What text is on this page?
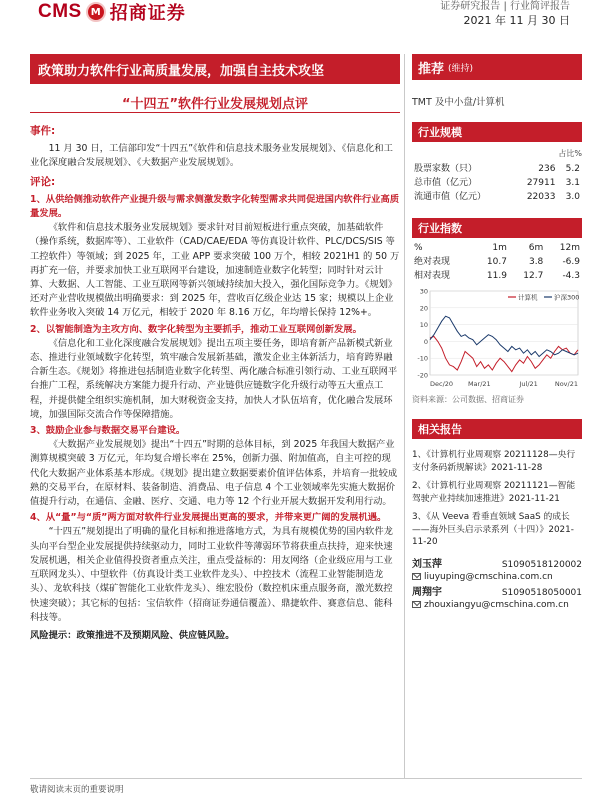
CMS M 招商证券	证券研究报告 | 行业简评报告
2021 年 11 月 30 日
政策助力软件行业高质量发展，加强自主技术攻坚
“十四五”软件行业发展规划点评
事件:
11 月 30 日，工信部印发“十四五”《软件和信息技术服务业发展规划》、《信息化和工业化深度融合发展规划》、《大数据产业发展规划》。
评论:
1、从供给侧推动软件产业提升级与需求侧激发数字化转型需求共同促进国内软件行业高质量发展。
《软件和信息技术服务业发展规划》要求针对目前短板进行重点突破，加基础软件（操作系统，数据库等）、工业软件（CAD/CAE/EDA 等仿真设计软件、PLC/DCS/SIS 等工控软件）等领域；到 2025 年，工业 APP 要求突破 100 万个，相较 2021H1 的 50 万再扩充一倍，并要求加快工业互联网平台建设，加速制造业数字化转型；同时针对云计算、大数据、人工智能、工业互联网等新兴领域持续加大投入，强化国际竞争力。《规划》还对产业营收规模做出明确要求：到 2025 年，营收百亿级企业达 15 家；规模以上企业软件业务收入突破 14 万亿元，相较于 2020 年 8.16 万亿，年均增长保持 12%+。
2、以智能制造为主攻方向、数字化转型为主要抓手，推动工业互联网创新发展。
《信息化和工业化深度融合发展规划》提出五项主要任务，即培育新产品新模式新业态、推进行业领域数字化转型，筑牢融合发展新基础，激发企业主体新活力，培育跨界融合新生态。《规划》将推进包括制造业数字化转型、两化融合标准引领行动、工业互联网平台推广工程，系统解决方案能力提升行动、产业链供应链数字化升级行动等五大重点工程，并提供健全组织实施机制，加大财税资金支持，加快人才队伍培育，优化融合发展环境，加强国际交流合作等保障措施。
3、鼓励企业参与数据交易平台建设。
《大数据产业发展规划》提出“十四五”时期的总体目标，到 2025 年我国大数据产业测算规模突破 3 万亿元，年均复合增长率在 25%，创新力强、附加值高，自主可控的现代化大数据产业体系基本形成。《规划》提出建立数据要素价值评估体系，并培育一批较成熟的交易平台，在原材料、装备制造、消费品、电子信息 4 个工业领域率先实施大数据价值提升行动，在通信、金融、医疗、交通、电力等 12 个行业开展大数据开发利用行动。
4、从“量”与“质”两方面对软件行业发展提出更高的要求，并带来更广阔的发展机遇。
“十四五”规划提出了明确的量化目标和推进落地方式，为具有规模优势的国内软件龙头向平台型企业发展提供持续驱动力，同时工业软件等薄弱环节将获重点扶持，迎来快速发展机遇，相关企业值得投资者重点关注，重点受益标的：用友网络（企业级应用与工业互联网龙头）、中望软件（仿真设计类工业软件龙头）、中控技术（流程工业智能制造龙头）、龙软科技（煤矿智能化工业软件龙头）、维宏股份（数控机床重点服务商，激光数控快速突破）；其它标的包括：宝信软件（招商证券通信覆盖）、鼎捷软件、赛意信息、能科科技等。
风险提示：政策推进不及预期风险、供应链风险。
推荐 (维持)
TMT 及中小盘/计算机
行业规模
占比%
股票家数（只）	236	5.2
总市值（亿元）	27911	3.1
流通市值（亿元）	22033	3.0
行业指数
%	1m	6m	12m
绝对表现	10.7	3.8	-6.9
相对表现	11.9	12.7	-4.3
30
20
10
0
-10
-20
Dec/20 Mar/21	Jul/21	Nov/21
计算机	沪深300
资料来源：公司数据、招商证券
相关报告
1、《计算机行业周观察 20211128—央行支付条码新规解读》2021-11-28
2、《计算机行业周观察 20211121—智能驾驶产业持续加速推进》2021-11-21
3、《从 Veeva 看垂直领域 SaaS 的成长——海外巨头启示录系列（十四）》2021-11-20
刘玉萍	S1090518120002
liuyuping@cmschina.com.cn
周翔宇	S1090518050001
zhouxiangyu@cmschina.com.cn
敬请阅读末页的重要说明
